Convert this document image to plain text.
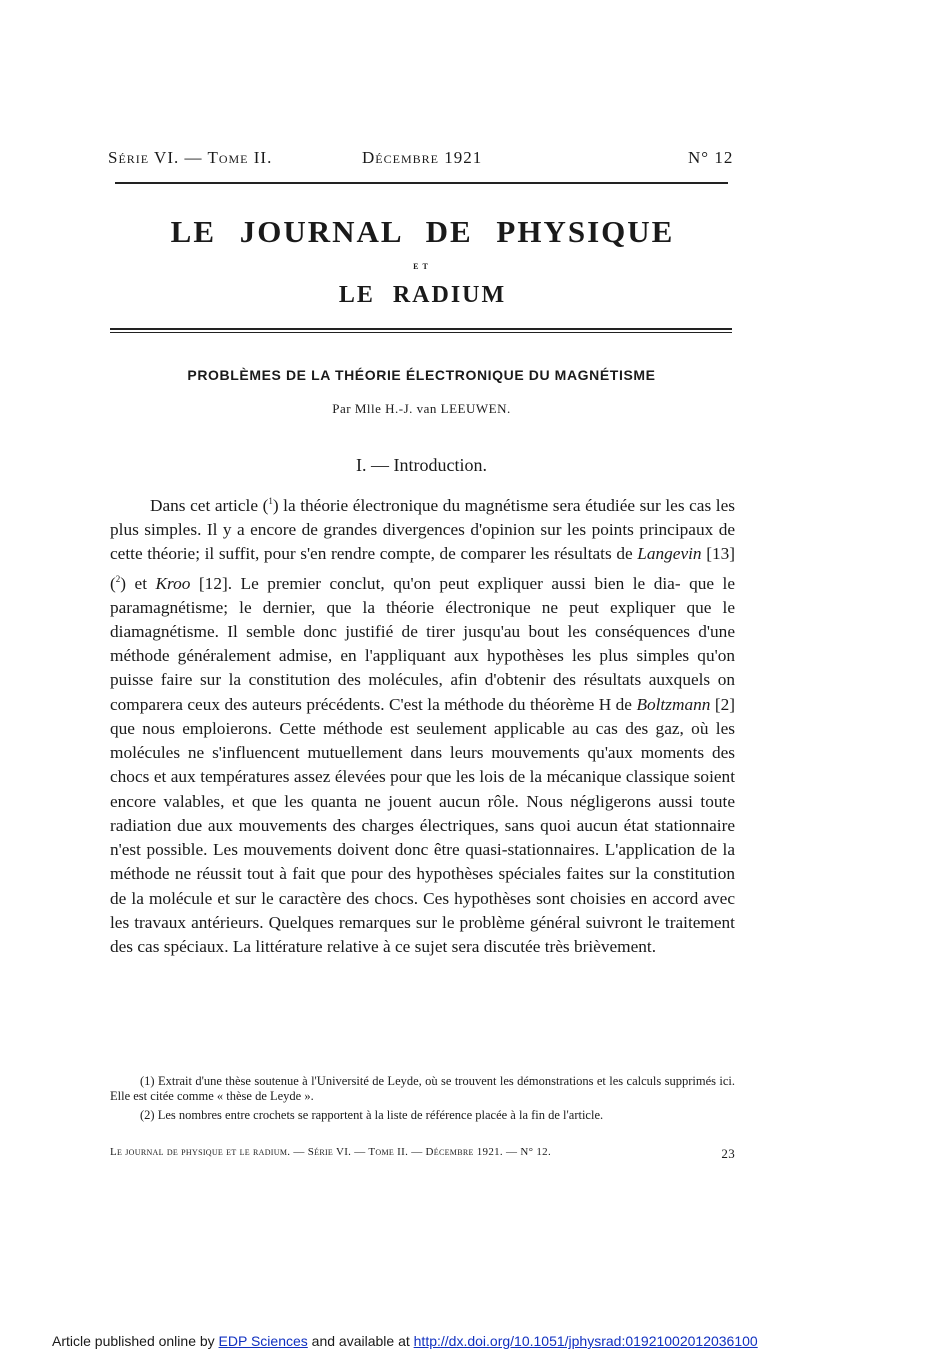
Série VI. — Tome II.	Décembre 1921	N° 12
LE JOURNAL DE PHYSIQUE
ET
LE RADIUM
PROBLÈMES DE LA THÉORIE ÉLECTRONIQUE DU MAGNÉTISME
Par Mlle H.-J. van LEEUWEN.
I. — Introduction.

Dans cet article ($^1$) la théorie électronique du magnétisme sera étudiée sur les cas les plus simples. Il y a encore de grandes divergences d'opinion sur les points principaux de cette théorie; il suffit, pour s'en rendre compte, de comparer les résultats de Langevin [13] ($^2$) et Kroo [12]. Le premier conclut, qu'on peut expliquer aussi bien le dia- que le paramagnétisme; le dernier, que la théorie électronique ne peut expliquer que le diamagnétisme. Il semble donc justifié de tirer jusqu'au bout les conséquences d'une méthode généralement admise, en l'appliquant aux hypothèses les plus simples qu'on puisse faire sur la constitution des molécules, afin d'obtenir des résultats auxquels on comparera ceux des auteurs précédents. C'est la méthode du théorème H de Boltzmann [2] que nous emploierons. Cette méthode est seulement applicable au cas des gaz, où les molécules ne s'influencent mutuellement dans leurs mouvements qu'aux moments des chocs et aux températures assez élevées pour que les lois de la mécanique classique soient encore valables, et que les quanta ne jouent aucun rôle. Nous négligerons aussi toute radiation due aux mouvements des charges électriques, sans quoi aucun état stationnaire n'est possible. Les mouvements doivent donc être quasi-stationnaires. L'application de la méthode ne réussit tout à fait que pour des hypothèses spéciales faites sur la constitution de la molécule et sur le caractère des chocs. Ces hypothèses sont choisies en accord avec les travaux antérieurs. Quelques remarques sur le problème général suivront le traitement des cas spéciaux. La littérature relative à ce sujet sera discutée très brièvement.

(1) Extrait d'une thèse soutenue à l'Université de Leyde, où se trouvent les démonstrations et les calculs supprimés ici. Elle est citée comme « thèse de Leyde ».

(2) Les nombres entre crochets se rapportent à la liste de référence placée à la fin de l'article.

Le journal de physique et le radium. — Série VI. — Tome II. — Décembre 1921. — N° 12.	23
Article published online by EDP Sciences and available at http://dx.doi.org/10.1051/jphysrad:01921002012036100
